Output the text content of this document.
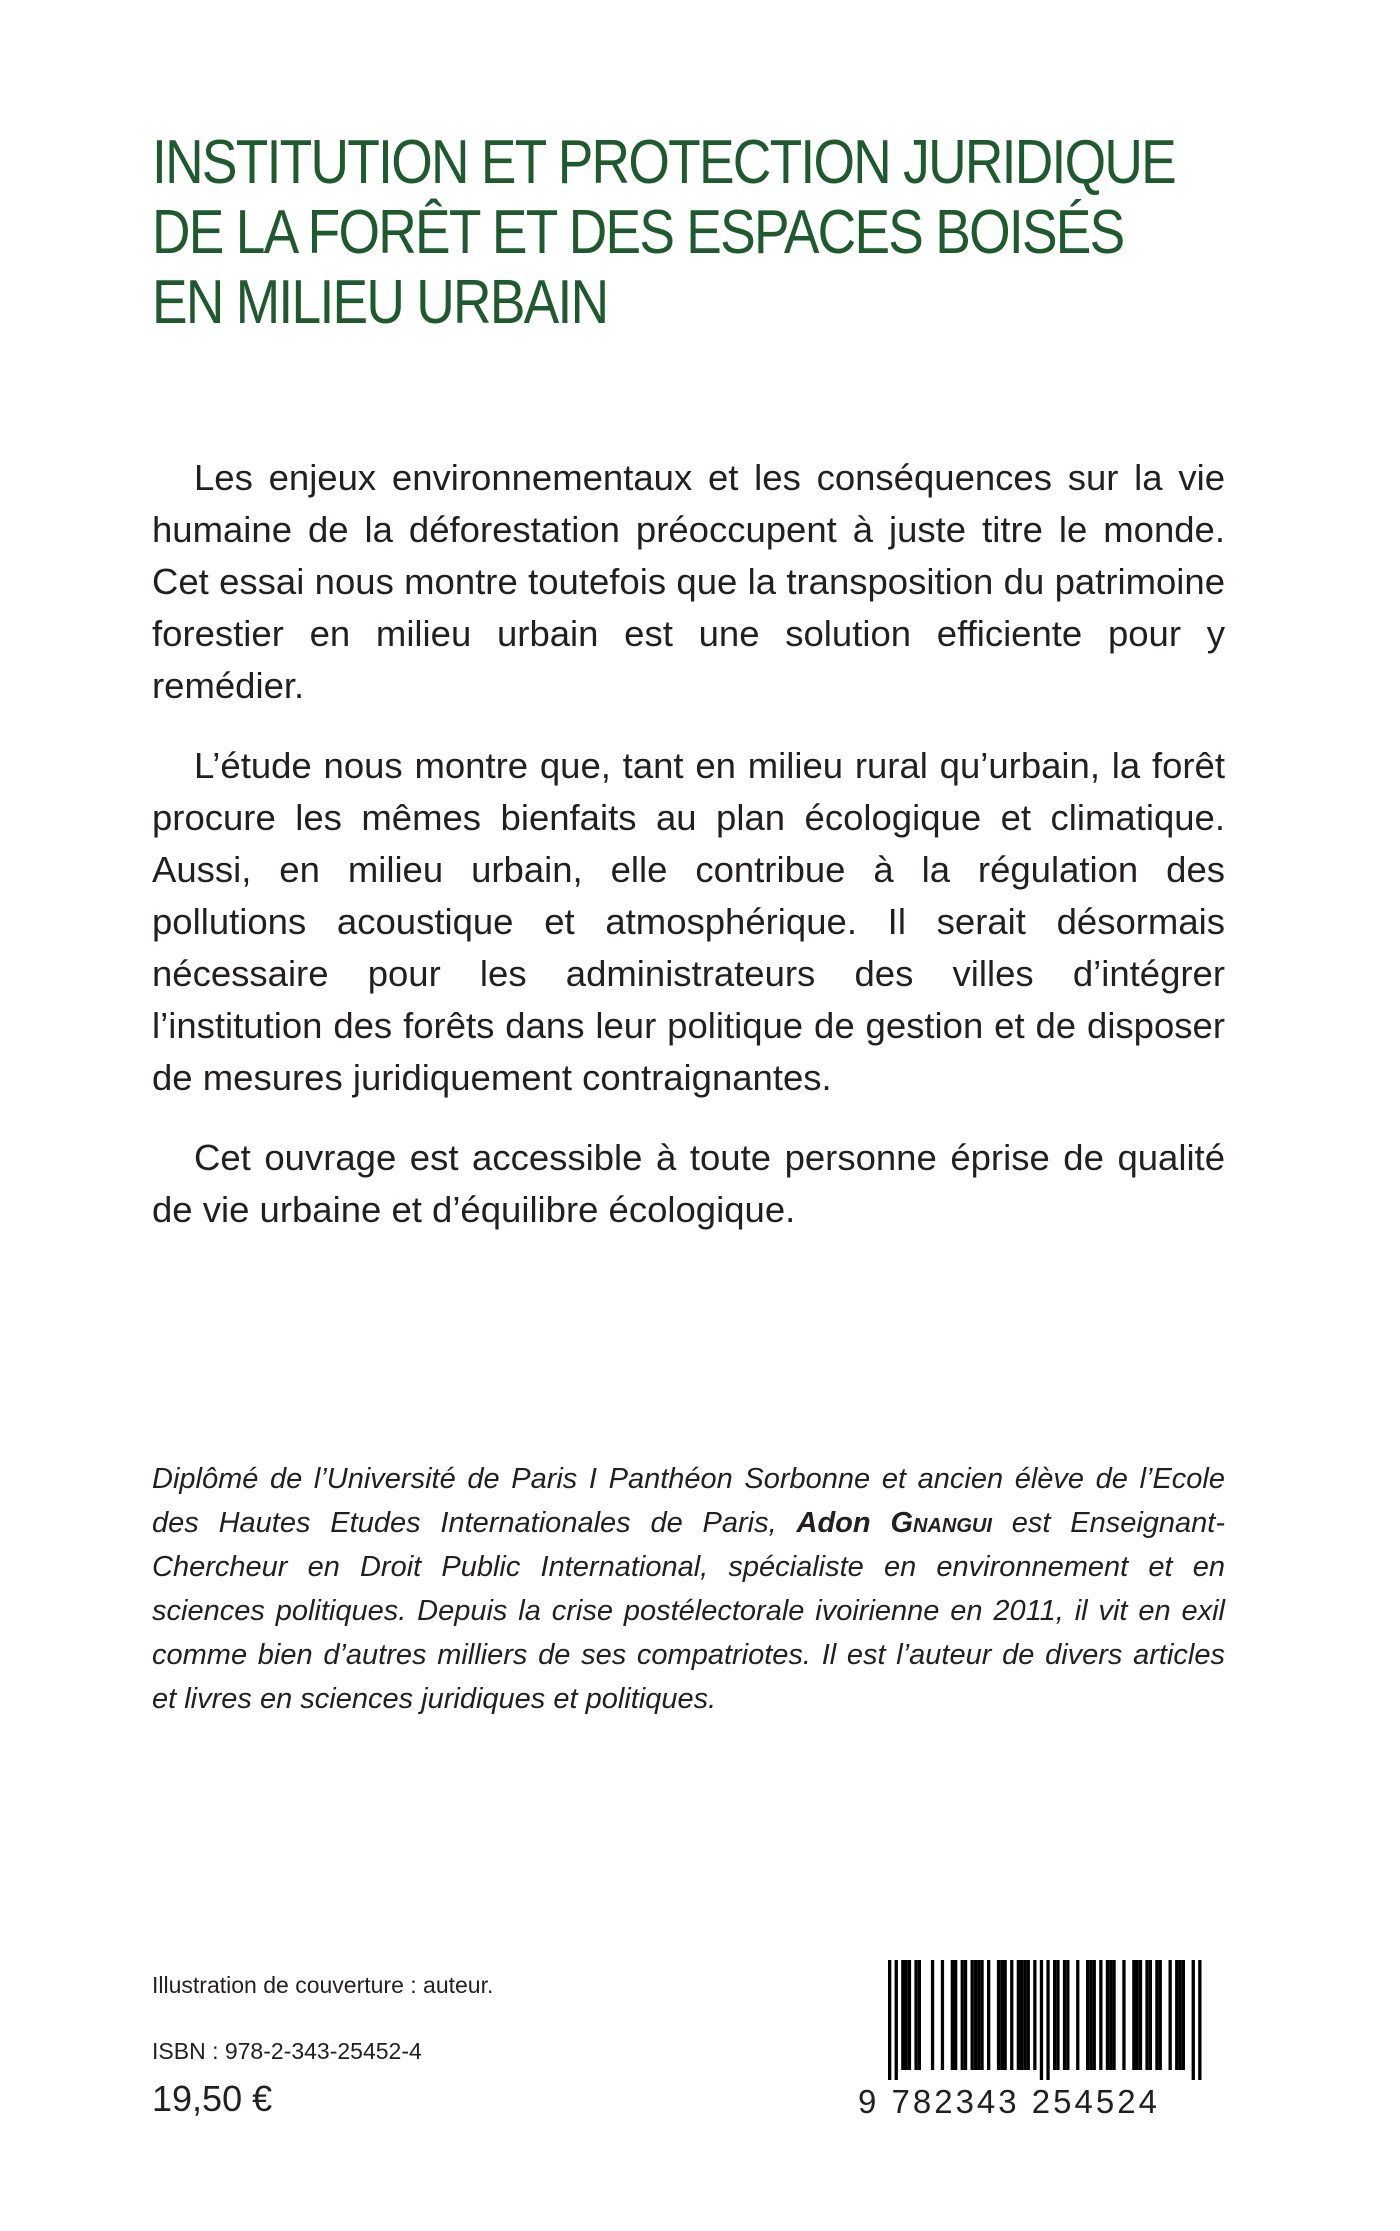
INSTITUTION ET PROTECTION JURIDIQUE
DE LA FORÊT ET DES ESPACES BOISÉS
EN MILIEU URBAIN

Les enjeux environnementaux et les conséquences sur la vie humaine de la déforestation préoccupent à juste titre le monde. Cet essai nous montre toutefois que la transposition du patrimoine forestier en milieu urbain est une solution efficiente pour y remédier.

L’étude nous montre que, tant en milieu rural qu’urbain, la forêt procure les mêmes bienfaits au plan écologique et climatique. Aussi, en milieu urbain, elle contribue à la régulation des pollutions acoustique et atmosphérique. Il serait désormais nécessaire pour les administrateurs des villes d’intégrer l’institution des forêts dans leur politique de gestion et de disposer de mesures juridiquement contraignantes.

Cet ouvrage est accessible à toute personne éprise de qualité de vie urbaine et d’équilibre écologique.

Diplômé de l’Université de Paris I Panthéon Sorbonne et ancien élève de l’Ecole des Hautes Etudes Internationales de Paris, Adon Gnangui est Enseignant-Chercheur en Droit Public International, spécialiste en environnement et en sciences politiques. Depuis la crise postélectorale ivoirienne en 2011, il vit en exil comme bien d’autres milliers de ses compatriotes. Il est l’auteur de divers articles et livres en sciences juridiques et politiques.

Illustration de couverture : auteur.
ISBN : 978-2-343-25452-4
19,50 €	9 782343 254524
